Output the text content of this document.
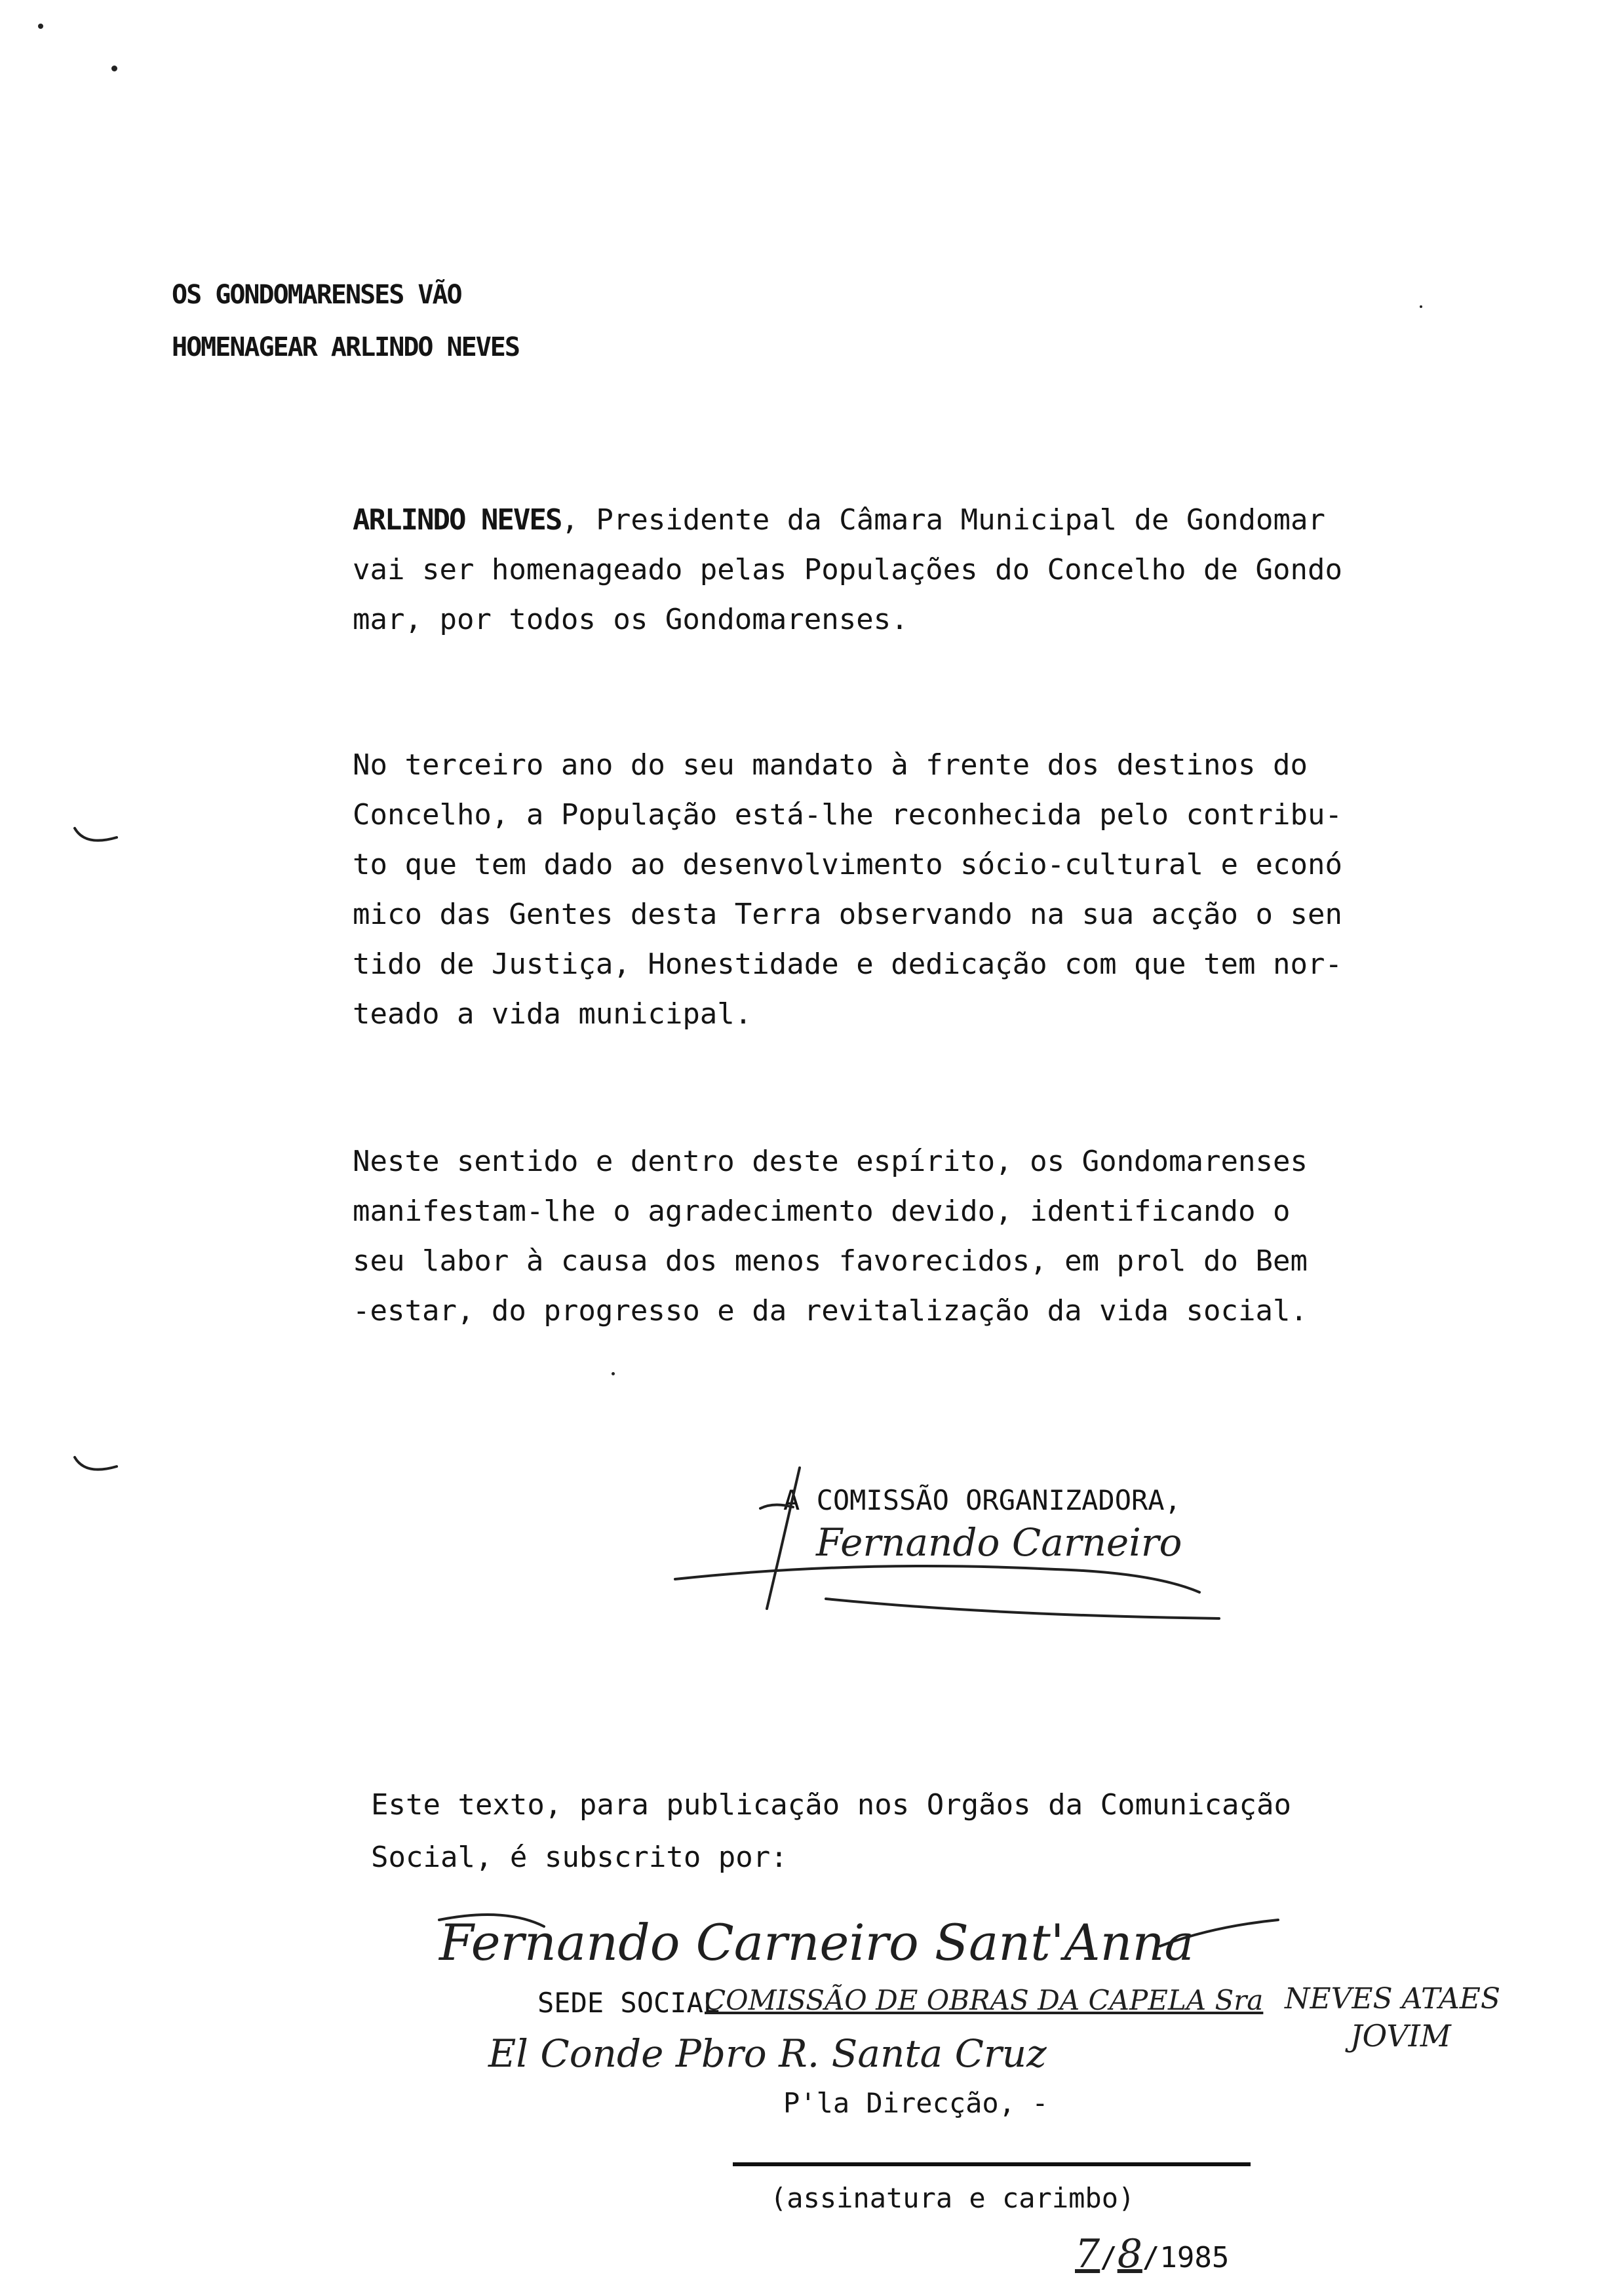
OS GONDOMARENSES VÃO
HOMENAGEAR ARLINDO NEVES
ARLINDO NEVES, Presidente da Câmara Municipal de Gondomar
vai ser homenageado pelas Populações do Concelho de Gondo
mar, por todos os Gondomarenses.
No terceiro ano do seu mandato à frente dos destinos do
Concelho, a População está-lhe reconhecida pelo contribu-
to que tem dado ao desenvolvimento sócio-cultural e econó
mico das Gentes desta Terra observando na sua acção o sen
tido de Justiça, Honestidade e dedicação com que tem nor-
teado a vida municipal.
Neste sentido e dentro deste espírito, os Gondomarenses
manifestam-lhe o agradecimento devido, identificando o
seu labor à causa dos menos favorecidos, em prol do Bem
-estar, do progresso e da revitalização da vida social.
A COMISSÃO ORGANIZADORA,
Fernando Carneiro
Este texto, para publicação nos Orgãos da Comunicação
Social, é subscrito por:
Fernando Carneiro Sant'Anna
SEDE SOCIAL
COMISSÃO DE OBRAS DA CAPELA Sra NEVES ATAES
El Conde Pbro R. Santa Cruz	JOVIM
P'la Direcção, -
(assinatura e carimbo)
7/8/1985
